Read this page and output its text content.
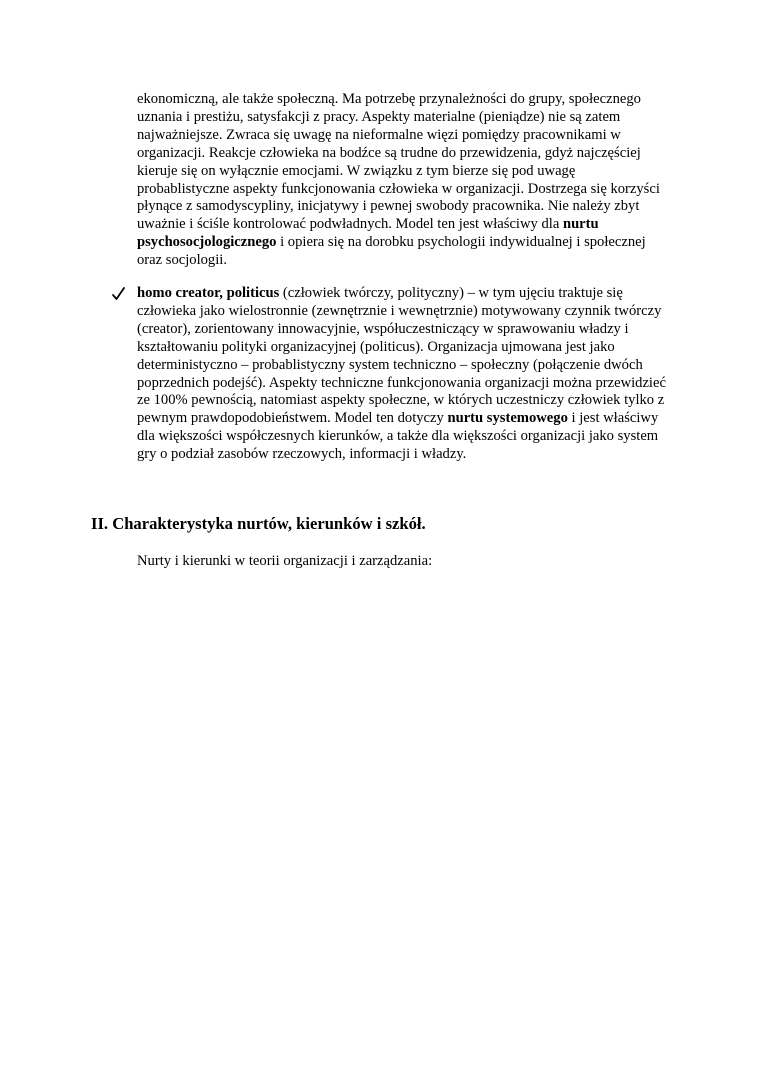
ekonomiczną, ale także społeczną. Ma potrzebę przynależności do grupy, społecznego uznania i prestiżu, satysfakcji z pracy. Aspekty materialne (pieniądze) nie są zatem najważniejsze. Zwraca się uwagę na nieformalne więzi pomiędzy pracownikami w organizacji. Reakcje człowieka na bodźce są trudne do przewidzenia, gdyż najczęściej kieruje się on wyłącznie emocjami. W związku z tym bierze się pod uwagę probablistyczne aspekty funkcjonowania człowieka w organizacji. Dostrzega się korzyści płynące z samodyscypliny, inicjatywy i pewnej swobody pracownika. Nie należy zbyt uważnie i ściśle kontrolować podwładnych. Model ten jest właściwy dla nurtu psychosocjologicznego i opiera się na dorobku psychologii indywidualnej i społecznej oraz socjologii.

homo creator, politicus (człowiek twórczy, polityczny) – w tym ujęciu traktuje się człowieka jako wielostronnie (zewnętrznie i wewnętrznie) motywowany czynnik twórczy (creator), zorientowany innowacyjnie, współuczestniczący w sprawowaniu władzy i kształtowaniu polityki organizacyjnej (politicus). Organizacja ujmowana jest jako deterministyczno – probablistyczny system techniczno – społeczny (połączenie dwóch poprzednich podejść). Aspekty techniczne funkcjonowania organizacji można przewidzieć ze 100% pewnością, natomiast aspekty społeczne, w których uczestniczy człowiek tylko z pewnym prawdopodobieństwem. Model ten dotyczy nurtu systemowego i jest właściwy dla większości współczesnych kierunków, a także dla większości organizacji jako system gry o podział zasobów rzeczowych, informacji i władzy.

II. Charakterystyka nurtów, kierunków i szkół.

Nurty i kierunki w teorii organizacji i zarządzania:
